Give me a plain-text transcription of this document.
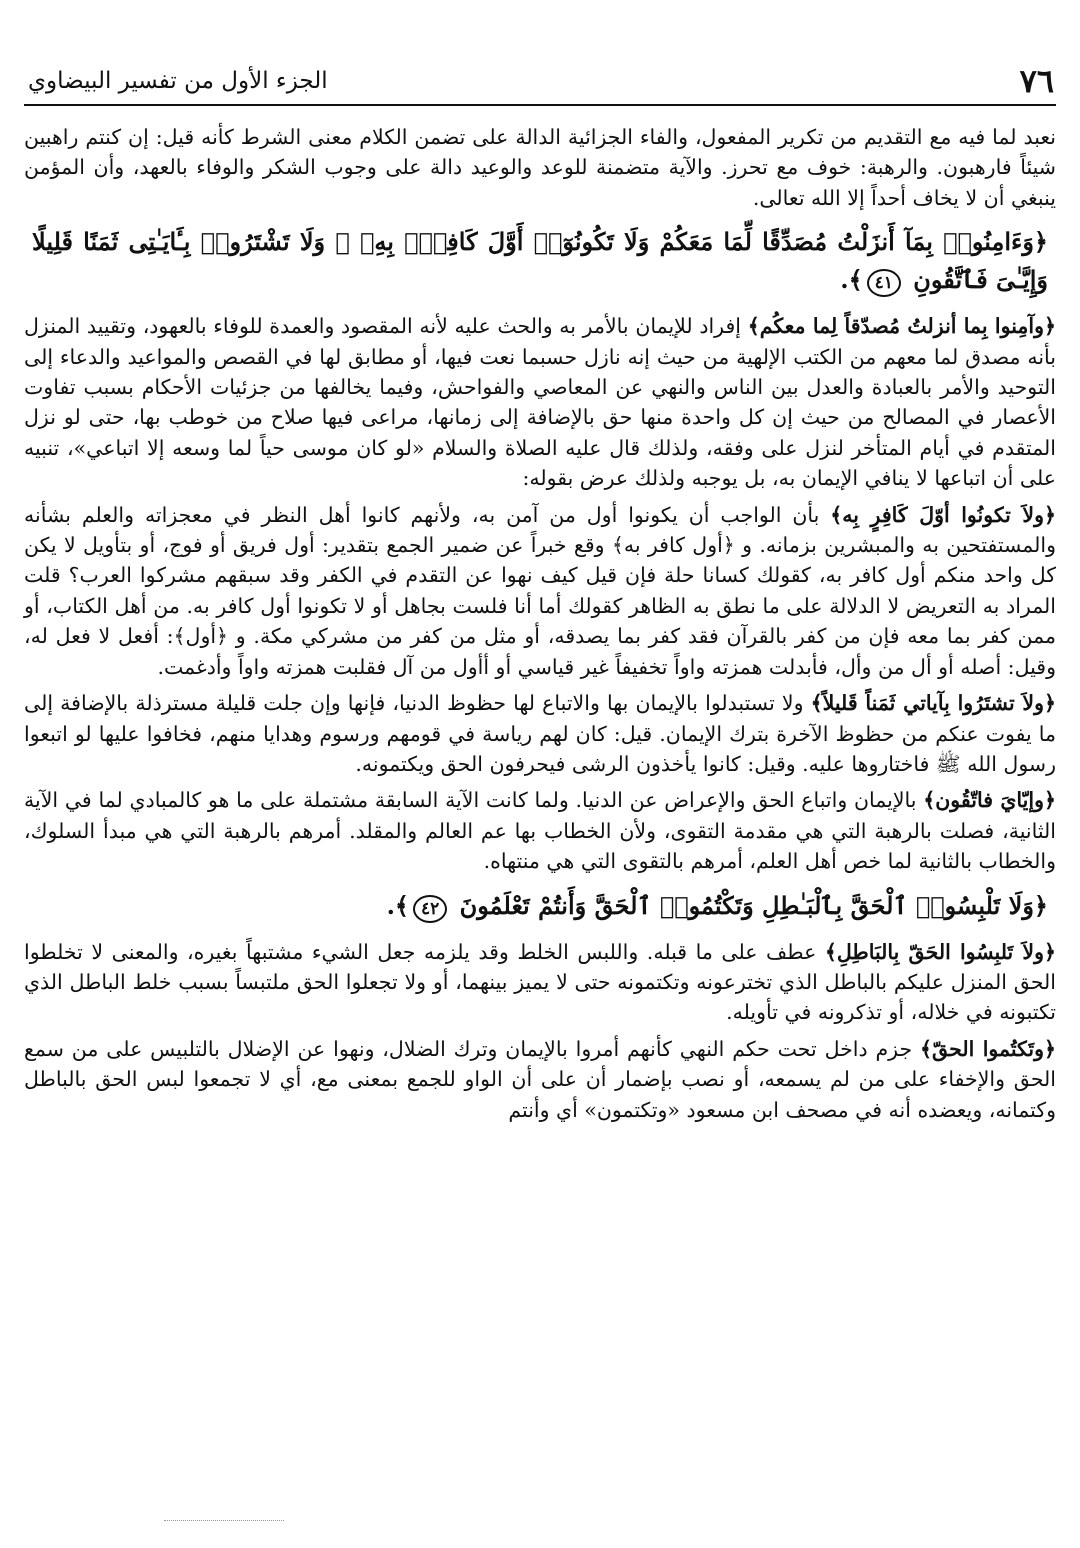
٧٦
الجزء الأول من تفسير البيضاوي

نعبد لما فيه مع التقديم من تكرير المفعول، والفاء الجزائية الدالة على تضمن الكلام معنى الشرط كأنه قيل: إن كنتم راهبين شيئاً فارهبون. والرهبة: خوف مع تحرز. والآية متضمنة للوعد والوعيد دالة على وجوب الشكر والوفاء بالعهد، وأن المؤمن ينبغي أن لا يخاف أحداً إلا الله تعالى.

﴿وَءَامِنُوا۟ بِمَآ أَنزَلْتُ مُصَدِّقًا لِّمَا مَعَكُمْ وَلَا تَكُونُوٓا۟ أَوَّلَ كَافِرٍۭ بِهِۦ ۖ وَلَا تَشْتَرُوا۟ بِـَٔايَـٰتِى ثَمَنًا قَلِيلًا وَإِيَّـٰىَ فَٱتَّقُونِ ٤١﴾.

﴿وآمِنوا بِما أنزلتُ مُصدّقاً لِما معكُم﴾ إفراد للإيمان بالأمر به والحث عليه لأنه المقصود والعمدة للوفاء بالعهود، وتقييد المنزل بأنه مصدق لما معهم من الكتب الإلهية من حيث إنه نازل حسبما نعت فيها، أو مطابق لها في القصص والمواعيد والدعاء إلى التوحيد والأمر بالعبادة والعدل بين الناس والنهي عن المعاصي والفواحش، وفيما يخالفها من جزئيات الأحكام بسبب تفاوت الأعصار في المصالح من حيث إن كل واحدة منها حق بالإضافة إلى زمانها، مراعى فيها صلاح من خوطب بها، حتى لو نزل المتقدم في أيام المتأخر لنزل على وفقه، ولذلك قال عليه الصلاة والسلام «لو كان موسى حياً لما وسعه إلا اتباعي»، تنبيه على أن اتباعها لا ينافي الإيمان به، بل يوجبه ولذلك عرض بقوله:

﴿ولاَ تكونُوا أوّلَ كَافِرٍ بِه﴾ بأن الواجب أن يكونوا أول من آمن به، ولأنهم كانوا أهل النظر في معجزاته والعلم بشأنه والمستفتحين به والمبشرين بزمانه. و ﴿أول كافر به﴾ وقع خبراً عن ضمير الجمع بتقدير: أول فريق أو فوج، أو بتأويل لا يكن كل واحد منكم أول كافر به، كقولك كسانا حلة فإن قيل كيف نهوا عن التقدم في الكفر وقد سبقهم مشركوا العرب؟ قلت المراد به التعريض لا الدلالة على ما نطق به الظاهر كقولك أما أنا فلست بجاهل أو لا تكونوا أول كافر به. من أهل الكتاب، أو ممن كفر بما معه فإن من كفر بالقرآن فقد كفر بما يصدقه، أو مثل من كفر من مشركي مكة. و ﴿أول﴾: أفعل لا فعل له، وقيل: أصله أو أل من وأل، فأبدلت همزته واواً تخفيفاً غير قياسي أو أأول من آل فقلبت همزته واواً وأدغمت.

﴿ولاَ تشتَرُوا بِآياتي ثَمَناً قَليلاً﴾ ولا تستبدلوا بالإيمان بها والاتباع لها حظوظ الدنيا، فإنها وإن جلت قليلة مسترذلة بالإضافة إلى ما يفوت عنكم من حظوظ الآخرة بترك الإيمان. قيل: كان لهم رياسة في قومهم ورسوم وهدايا منهم، فخافوا عليها لو اتبعوا رسول الله ﷺ فاختاروها عليه. وقيل: كانوا يأخذون الرشى فيحرفون الحق ويكتمونه.

﴿وإيّايَ فاتّقُون﴾ بالإيمان واتباع الحق والإعراض عن الدنيا. ولما كانت الآية السابقة مشتملة على ما هو كالمبادي لما في الآية الثانية، فصلت بالرهبة التي هي مقدمة التقوى، ولأن الخطاب بها عم العالم والمقلد. أمرهم بالرهبة التي هي مبدأ السلوك، والخطاب بالثانية لما خص أهل العلم، أمرهم بالتقوى التي هي منتهاه.

﴿وَلَا تَلْبِسُوا۟ ٱلْحَقَّ بِٱلْبَـٰطِلِ وَتَكْتُمُوا۟ ٱلْحَقَّ وَأَنتُمْ تَعْلَمُونَ ٤٢﴾.

﴿ولاَ تَلبِسُوا الحَقّ بِالبَاطِلِ﴾ عطف على ما قبله. واللبس الخلط وقد يلزمه جعل الشيء مشتبهاً بغيره، والمعنى لا تخلطوا الحق المنزل عليكم بالباطل الذي تخترعونه وتكتمونه حتى لا يميز بينهما، أو ولا تجعلوا الحق ملتبساً بسبب خلط الباطل الذي تكتبونه في خلاله، أو تذكرونه في تأويله.

﴿وتَكتُموا الحقّ﴾ جزم داخل تحت حكم النهي كأنهم أمروا بالإيمان وترك الضلال، ونهوا عن الإضلال بالتلبيس على من سمع الحق والإخفاء على من لم يسمعه، أو نصب بإضمار أن على أن الواو للجمع بمعنى مع، أي لا تجمعوا لبس الحق بالباطل وكتمانه، ويعضده أنه في مصحف ابن مسعود «وتكتمون» أي وأنتم
